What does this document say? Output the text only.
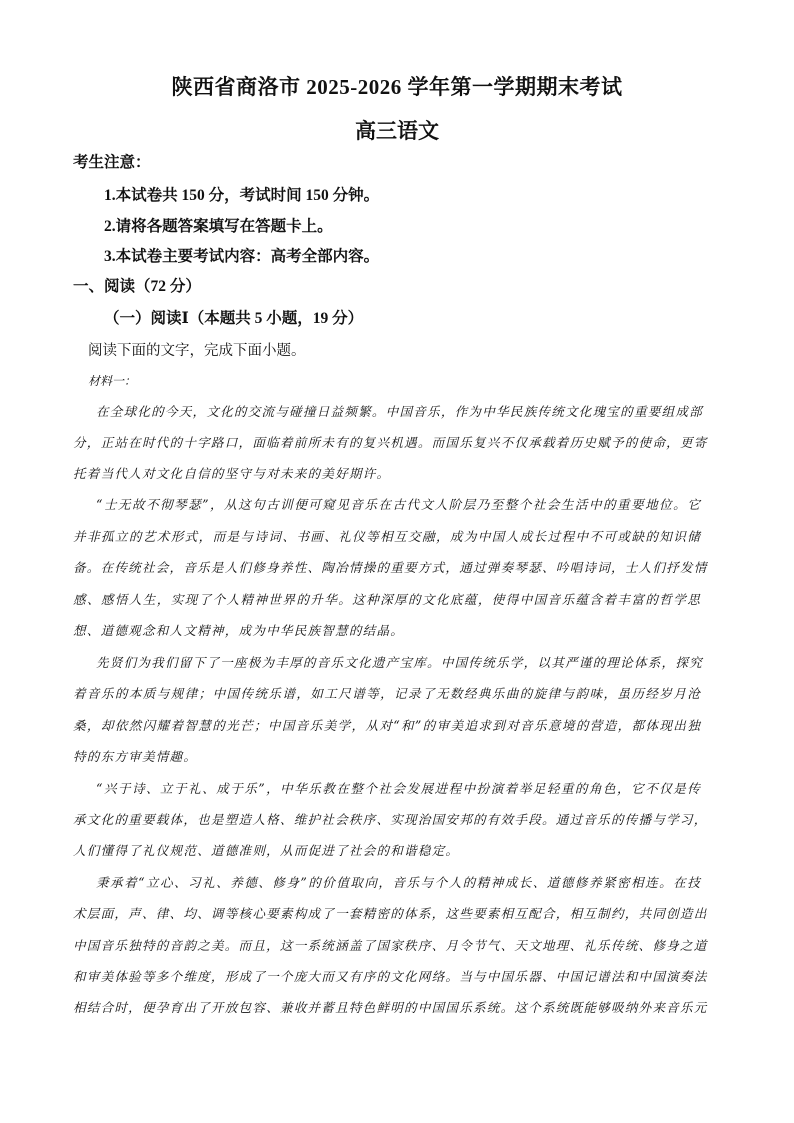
陕西省商洛市 2025-2026 学年第一学期期末考试
高三语文
考生注意：
1.本试卷共 150 分，考试时间 150 分钟。
2.请将各题答案填写在答题卡上。
3.本试卷主要考试内容：高考全部内容。
一、阅读（72 分）
（一）阅读Ⅰ（本题共 5 小题，19 分）
阅读下面的文字，完成下面小题。
材料一：
在全球化的今天，文化的交流与碰撞日益频繁。中国音乐，作为中华民族传统文化瑰宝的重要组成部
分，正站在时代的十字路口，面临着前所未有的复兴机遇。而国乐复兴不仅承载着历史赋予的使命，更寄
托着当代人对文化自信的坚守与对未来的美好期许。
“士无故不彻琴瑟”，从这句古训便可窥见音乐在古代文人阶层乃至整个社会生活中的重要地位。它
并非孤立的艺术形式，而是与诗词、书画、礼仪等相互交融，成为中国人成长过程中不可或缺的知识储
备。在传统社会，音乐是人们修身养性、陶冶情操的重要方式，通过弹奏琴瑟、吟唱诗词，士人们抒发情
感、感悟人生，实现了个人精神世界的升华。这种深厚的文化底蕴，使得中国音乐蕴含着丰富的哲学思
想、道德观念和人文精神，成为中华民族智慧的结晶。
先贤们为我们留下了一座极为丰厚的音乐文化遗产宝库。中国传统乐学，以其严谨的理论体系，探究
着音乐的本质与规律；中国传统乐谱，如工尺谱等，记录了无数经典乐曲的旋律与韵味，虽历经岁月沧
桑，却依然闪耀着智慧的光芒；中国音乐美学，从对“和”的审美追求到对音乐意境的营造，都体现出独
特的东方审美情趣。
“兴于诗、立于礼、成于乐”，中华乐教在整个社会发展进程中扮演着举足轻重的角色，它不仅是传
承文化的重要载体，也是塑造人格、维护社会秩序、实现治国安邦的有效手段。通过音乐的传播与学习，
人们懂得了礼仪规范、道德准则，从而促进了社会的和谐稳定。
秉承着“立心、习礼、养德、修身”的价值取向，音乐与个人的精神成长、道德修养紧密相连。在技
术层面，声、律、均、调等核心要素构成了一套精密的体系，这些要素相互配合，相互制约，共同创造出
中国音乐独特的音韵之美。而且，这一系统涵盖了国家秩序、月令节气、天文地理、礼乐传统、修身之道
和审美体验等多个维度，形成了一个庞大而又有序的文化网络。当与中国乐器、中国记谱法和中国演奏法
相结合时，便孕育出了开放包容、兼收并蓄且特色鲜明的中国国乐系统。这个系统既能够吸纳外来音乐元
